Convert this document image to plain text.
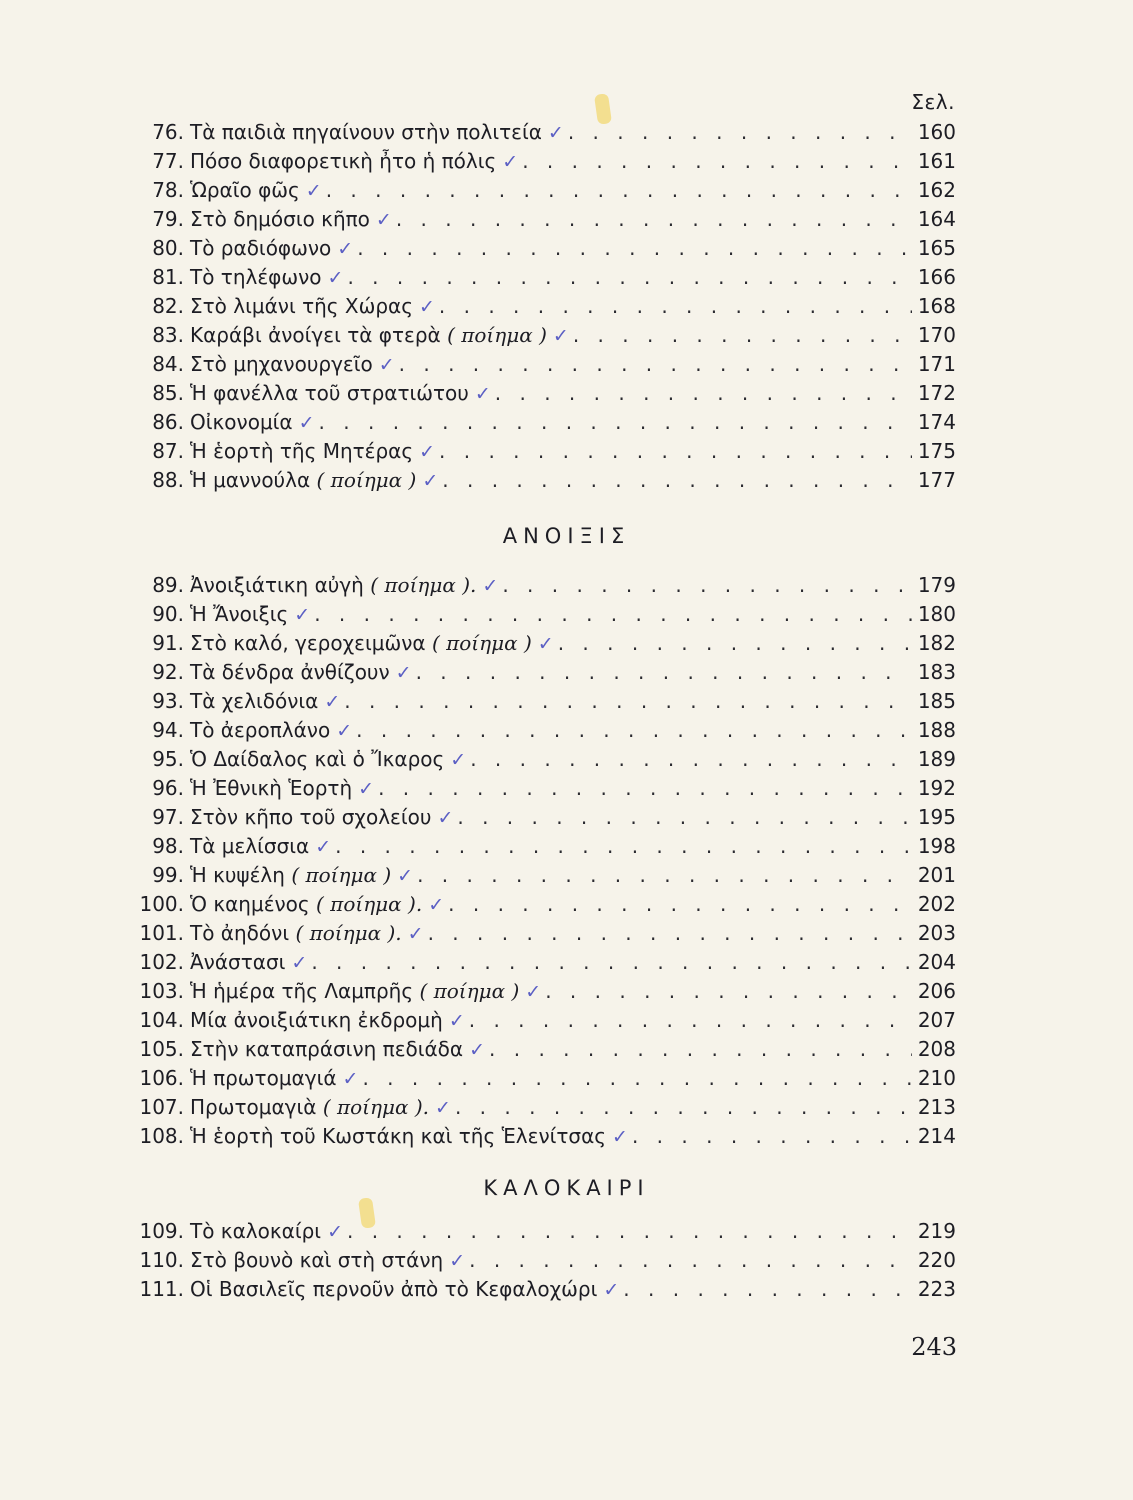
Σελ.
76. Τὰ παιδιὰ πηγαίνουν στὴν πολιτεία ✓ . . .	160
77. Πόσο διαφορετικὴ ἦτο ἡ πόλις ✓ . . .	161
78. Ὡραῖο φῶς ✓ . . .	162
79. Στὸ δημόσιο κῆπο ✓ . . .	164
80. Τὸ ραδιόφωνο ✓ . . .	165
81. Τὸ τηλέφωνο ✓ . . .	166
82. Στὸ λιμάνι τῆς Χώρας ✓ . . .	168
83. Καράβι ἀνοίγει τὰ φτερὰ ( ποίημα ) ✓ . . .	170
84. Στὸ μηχανουργεῖο ✓ . . .	171
85. Ἡ φανέλλα τοῦ στρατιώτου ✓ . . .	172
86. Οἰκονομία ✓ . . .	174
87. Ἡ ἑορτὴ τῆς Μητέρας ✓ . . .	175
88. Ἡ μαννούλα ( ποίημα ) ✓ . . .	177
ΑΝΟΙΞΙΣ
89. Ἀνοιξιάτικη αὐγὴ ( ποίημα ). ✓ . . .	179
90. Ἡ Ἄνοιξις ✓ . . .	180
91. Στὸ καλό, γεροχειμῶνα ( ποίημα ) ✓ . . .	182
92. Τὰ δένδρα ἀνθίζουν ✓ . . .	183
93. Τὰ χελιδόνια ✓ . . .	185
94. Τὸ ἀεροπλάνο ✓ . . .	188
95. Ὁ Δαίδαλος καὶ ὁ Ἴκαρος ✓ . . .	189
96. Ἡ Ἐθνικὴ Ἑορτὴ ✓ . . .	192
97. Στὸν κῆπο τοῦ σχολείου ✓ . . .	195
98. Τὰ μελίσσια ✓ . . .	198
99. Ἡ κυψέλη ( ποίημα ) ✓ . . .	201
100. Ὁ καημένος ( ποίημα ). ✓ . . .	202
101. Τὸ ἀηδόνι ( ποίημα ). ✓ . . .	203
102. Ἀνάστασι ✓ . . .	204
103. Ἡ ἡμέρα τῆς Λαμπρῆς ( ποίημα ) ✓ . . .	206
104. Μία ἀνοιξιάτικη ἐκδρομὴ ✓ . . .	207
105. Στὴν καταπράσινη πεδιάδα ✓ . . .	208
106. Ἡ πρωτομαγιά ✓ . . .	210
107. Πρωτομαγιὰ ( ποίημα ). ✓ . . .	213
108. Ἡ ἑορτὴ τοῦ Κωστάκη καὶ τῆς Ἑλενίτσας ✓ . . .	214
ΚΑΛΟΚΑΙΡΙ
109. Τὸ καλοκαίρι ✓ . . .	219
110. Στὸ βουνὸ καὶ στὴ στάνη ✓ . . .	220
111. Οἱ Βασιλεῖς περνοῦν ἀπὸ τὸ Κεφαλοχώρι ✓ . . .	223
243
